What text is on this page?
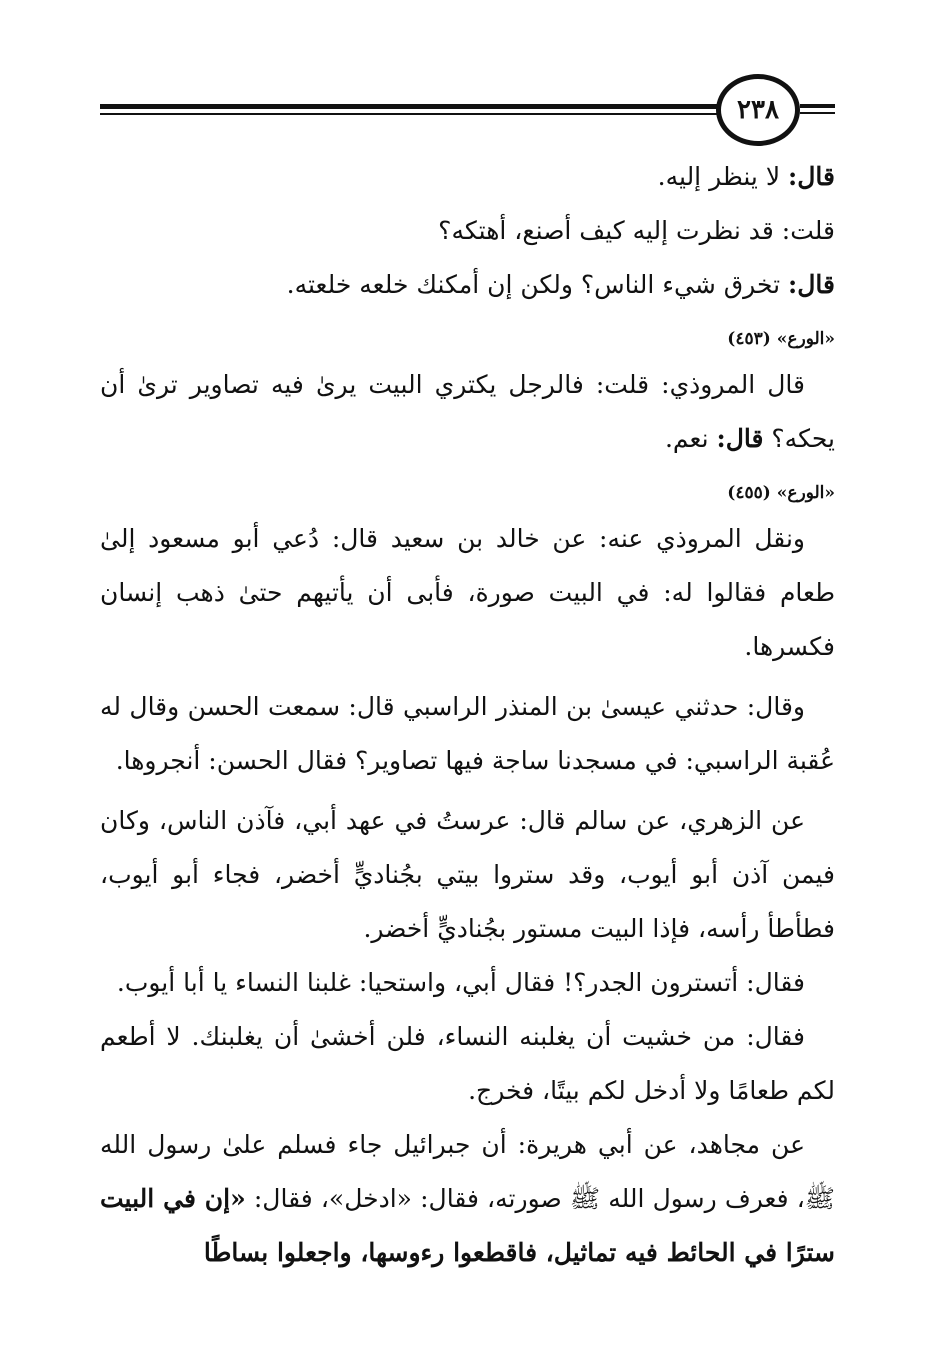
٢٣٨

قال: لا ينظر إليه.

قلت: قد نظرت إليه كيف أصنع، أهتكه؟

قال: تخرق شيء الناس؟ ولكن إن أمكنك خلعه خلعته.

«الورع» (٤٥٣)

قال المروذي: قلت: فالرجل يكتري البيت يرىٰ فيه تصاوير ترىٰ أن يحكه؟ قال: نعم.

«الورع» (٤٥٥)

ونقل المروذي عنه: عن خالد بن سعيد قال: دُعي أبو مسعود إلىٰ طعام فقالوا له: في البيت صورة، فأبى أن يأتيهم حتىٰ ذهب إنسان فكسرها.

وقال: حدثني عيسىٰ بن المنذر الراسبي قال: سمعت الحسن وقال له عُقبة الراسبي: في مسجدنا ساجة فيها تصاوير؟ فقال الحسن: أنجروها.

عن الزهري، عن سالم قال: عرستُ في عهد أبي، فآذن الناس، وكان فيمن آذن أبو أيوب، وقد ستروا بيتي بجُناديٍّ أخضر، فجاء أبو أيوب، فطأطأ رأسه، فإذا البيت مستور بجُناديٍّ أخضر.

فقال: أتسترون الجدر؟! فقال أبي، واستحيا: غلبنا النساء يا أبا أيوب.

فقال: من خشيت أن يغلبنه النساء، فلن أخشىٰ أن يغلبنك. لا أطعم لكم طعامًا ولا أدخل لكم بيتًا، فخرج.

عن مجاهد، عن أبي هريرة: أن جبرائيل جاء فسلم علىٰ رسول الله ﷺ، فعرف رسول الله ﷺ صورته، فقال: «ادخل»، فقال: «إن في البيت سترًا في الحائط فيه تماثيل، فاقطعوا رءوسها، واجعلوا بساطًا
